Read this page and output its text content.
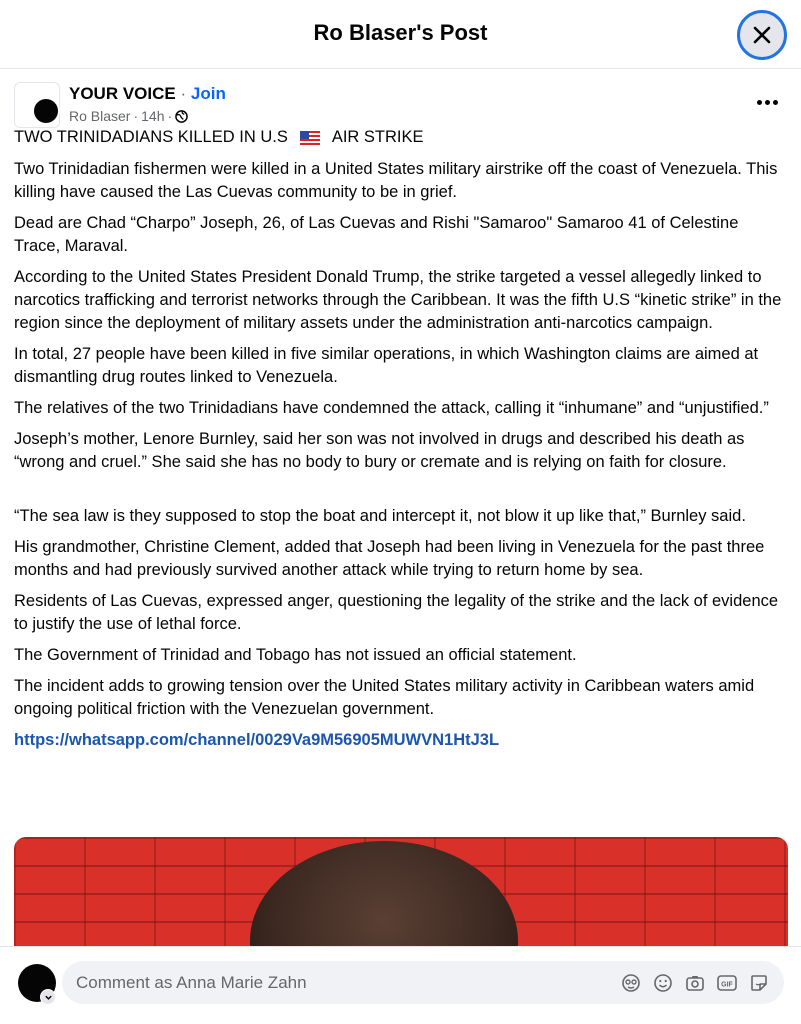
Ro Blaser's Post
YOUR VOICE · Join
Ro Blaser · 14h ·

TWO TRINIDADIANS KILLED IN U.S	AIR STRIKE

Two Trinidadian fishermen were killed in a United States military airstrike off the coast of Venezuela. This killing have caused the Las Cuevas community to be in grief.

Dead are Chad “Charpo” Joseph, 26, of Las Cuevas and Rishi "Samaroo" Samaroo 41 of Celestine Trace, Maraval.

According to the United States President Donald Trump, the strike targeted a vessel allegedly linked to narcotics trafficking and terrorist networks through the Caribbean. It was the fifth U.S “kinetic strike” in the region since the deployment of military assets under the administration anti-narcotics campaign.

In total, 27 people have been killed in five similar operations, in which Washington claims are aimed at dismantling drug routes linked to Venezuela.

The relatives of the two Trinidadians have condemned the attack, calling it “inhumane” and “unjustified.”

Joseph’s mother, Lenore Burnley, said her son was not involved in drugs and described his death as “wrong and cruel.” She said she has no body to bury or cremate and is relying on faith for closure.

“The sea law is they supposed to stop the boat and intercept it, not blow it up like that,” Burnley said.

His grandmother, Christine Clement, added that Joseph had been living in Venezuela for the past three months and had previously survived another attack while trying to return home by sea.

Residents of Las Cuevas, expressed anger, questioning the legality of the strike and the lack of evidence to justify the use of lethal force.

The Government of Trinidad and Tobago has not issued an official statement.

The incident adds to growing tension over the United States military activity in Caribbean waters amid ongoing political friction with the Venezuelan government.

https://whatsapp.com/channel/0029Va9M56905MUWVN1HtJ3L

Comment as Anna Marie Zahn
GIF
